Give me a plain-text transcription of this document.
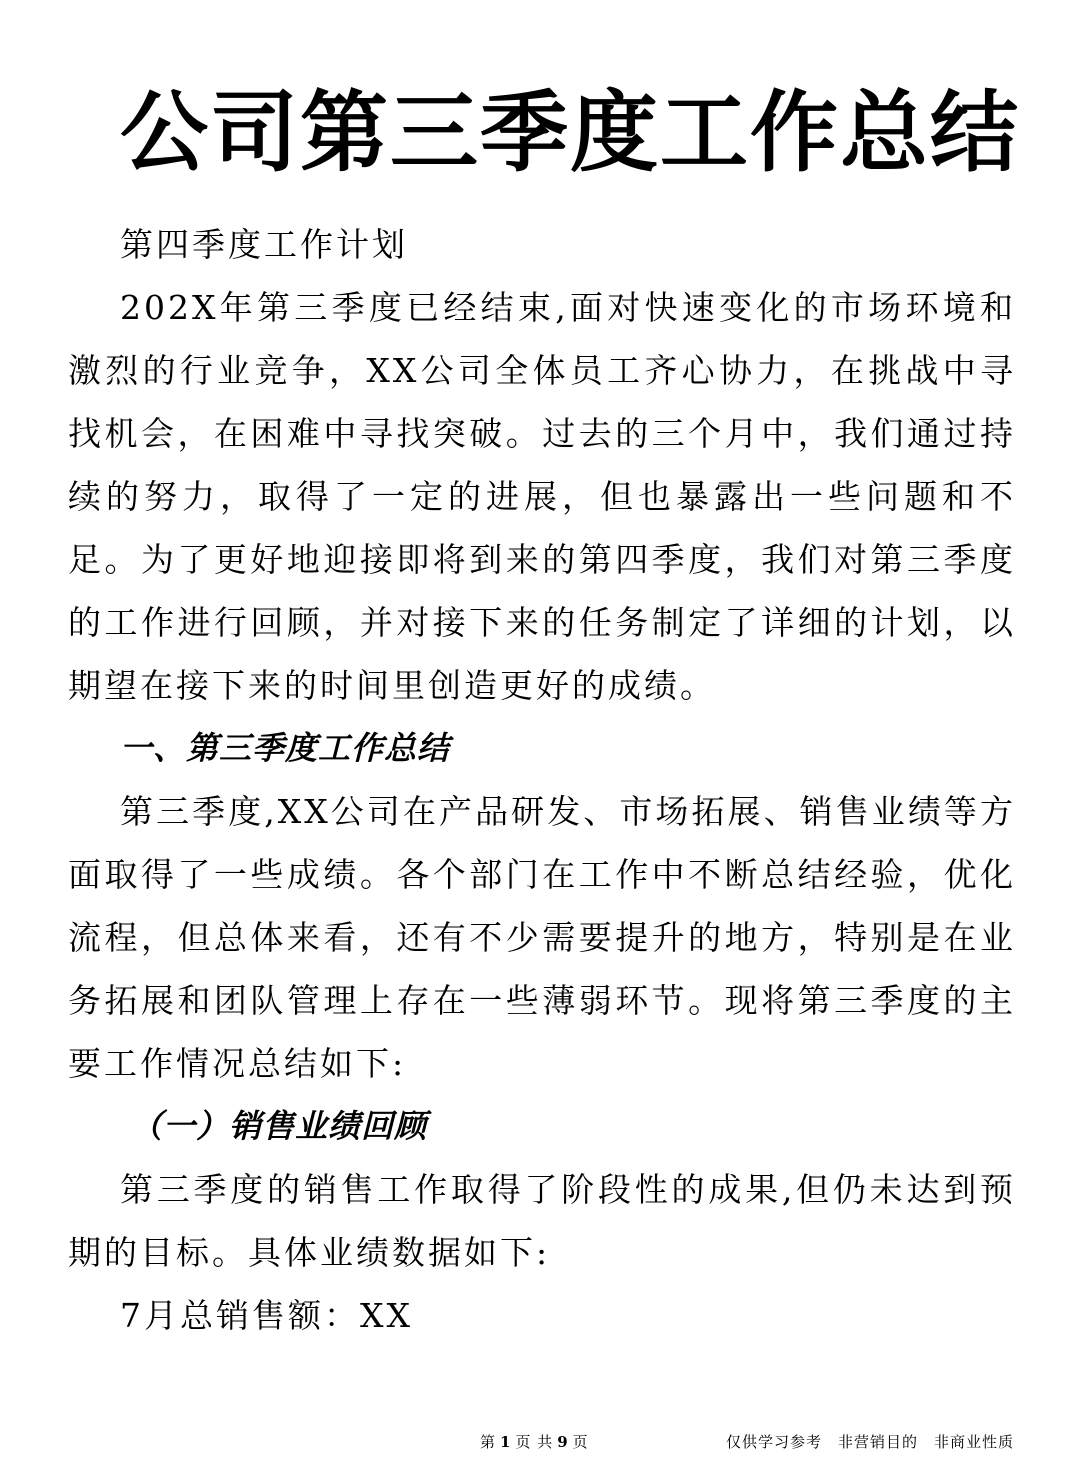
公司第三季度工作总结

第四季度工作计划

202X年第三季度已经结束,面对快速变化的市场环境和激烈的行业竞争，XX公司全体员工齐心协力，在挑战中寻找机会，在困难中寻找突破。过去的三个月中，我们通过持续的努力，取得了一定的进展，但也暴露出一些问题和不足。为了更好地迎接即将到来的第四季度，我们对第三季度的工作进行回顾，并对接下来的任务制定了详细的计划，以期望在接下来的时间里创造更好的成绩。

一、第三季度工作总结

第三季度,XX公司在产品研发、市场拓展、销售业绩等方面取得了一些成绩。各个部门在工作中不断总结经验，优化流程，但总体来看，还有不少需要提升的地方，特别是在业务拓展和团队管理上存在一些薄弱环节。现将第三季度的主要工作情况总结如下:

（一）销售业绩回顾

第三季度的销售工作取得了阶段性的成果,但仍未达到预期的目标。具体业绩数据如下:

7月总销售额：XX

第 1 页 共 9 页	仅供学习参考　非营销目的　非商业性质
